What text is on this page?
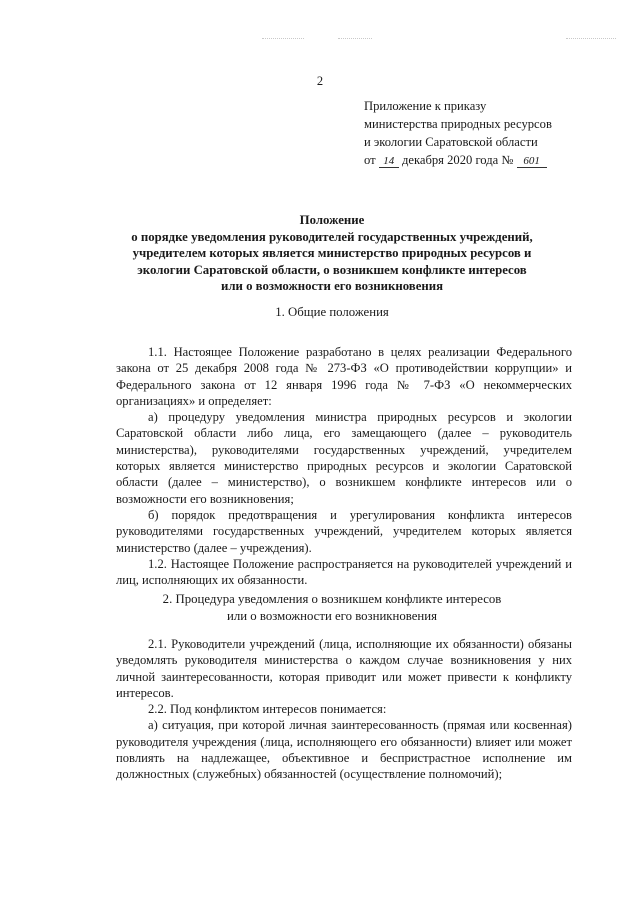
2
Приложение к приказу
министерства природных ресурсов
и экологии Саратовской области
от 14 декабря 2020 года № 601
Положение
о порядке уведомления руководителей государственных учреждений,
учредителем которых является министерство природных ресурсов и
экологии Саратовской области, о возникшем конфликте интересов
или о возможности его возникновения
1. Общие положения

1.1. Настоящее Положение разработано в целях реализации Федерального закона от 25 декабря 2008 года № 273-ФЗ «О противодействии коррупции» и Федерального закона от 12 января 1996 года № 7-ФЗ «О некоммерческих организациях» и определяет:

а) процедуру уведомления министра природных ресурсов и экологии Саратовской области либо лица, его замещающего (далее – руководитель министерства), руководителями государственных учреждений, учредителем которых является министерство природных ресурсов и экологии Саратовской области (далее – министерство), о возникшем конфликте интересов или о возможности его возникновения;

б) порядок предотвращения и урегулирования конфликта интересов руководителями государственных учреждений, учредителем которых является министерство (далее – учреждения).

1.2. Настоящее Положение распространяется на руководителей учреждений и лиц, исполняющих их обязанности.

2. Процедура уведомления о возникшем конфликте интересов
или о возможности его возникновения

2.1. Руководители учреждений (лица, исполняющие их обязанности) обязаны уведомлять руководителя министерства о каждом случае возникновения у них личной заинтересованности, которая приводит или может привести к конфликту интересов.

2.2. Под конфликтом интересов понимается:

а) ситуация, при которой личная заинтересованность (прямая или косвенная) руководителя учреждения (лица, исполняющего его обязанности) влияет или может повлиять на надлежащее, объективное и беспристрастное исполнение им должностных (служебных) обязанностей (осуществление полномочий);
